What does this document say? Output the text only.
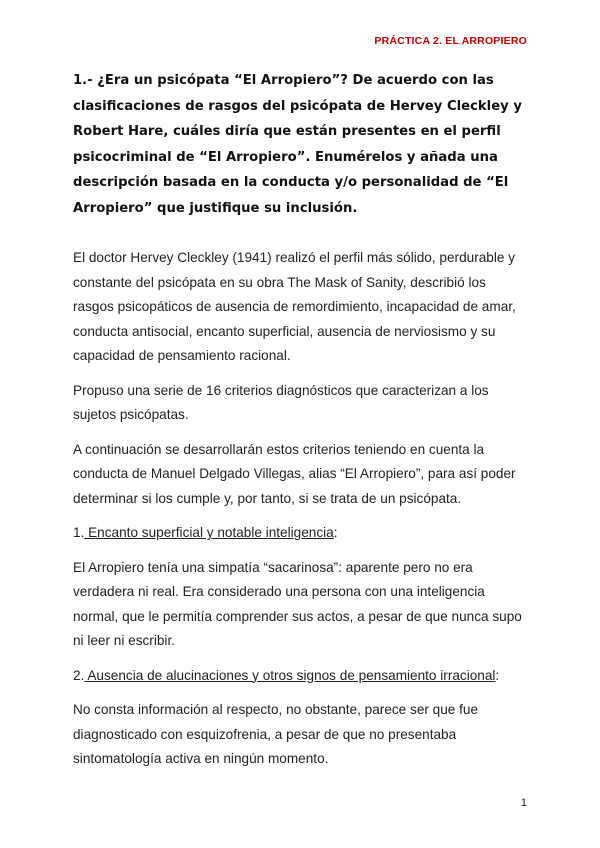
PRÁCTICA 2. EL ARROPIERO

1.- ¿Era un psicópata “El Arropiero”? De acuerdo con las clasificaciones de rasgos del psicópata de Hervey Cleckley y Robert Hare, cuáles diría que están presentes en el perfil psicocriminal de “El Arropiero”. Enumérelos y añada una descripción basada en la conducta y/o personalidad de “El Arropiero” que justifique su inclusión.

El doctor Hervey Cleckley (1941) realizó el perfil más sólido, perdurable y constante del psicópata en su obra The Mask of Sanity, describió los rasgos psicopáticos de ausencia de remordimiento, incapacidad de amar, conducta antisocial, encanto superficial, ausencia de nerviosismo y su capacidad de pensamiento racional.

Propuso una serie de 16 criterios diagnósticos que caracterizan a los sujetos psicópatas.

A continuación se desarrollarán estos criterios teniendo en cuenta la conducta de Manuel Delgado Villegas, alias “El Arropiero”, para así poder determinar si los cumple y, por tanto, si se trata de un psicópata.

1. Encanto superficial y notable inteligencia:

El Arropiero tenía una simpatía “sacarinosa”: aparente pero no era verdadera ni real. Era considerado una persona con una inteligencia normal, que le permitía comprender sus actos, a pesar de que nunca supo ni leer ni escribir.

2. Ausencia de alucinaciones y otros signos de pensamiento irracional:

No consta información al respecto, no obstante, parece ser que fue diagnosticado con esquizofrenia, a pesar de que no presentaba sintomatología activa en ningún momento.

1
